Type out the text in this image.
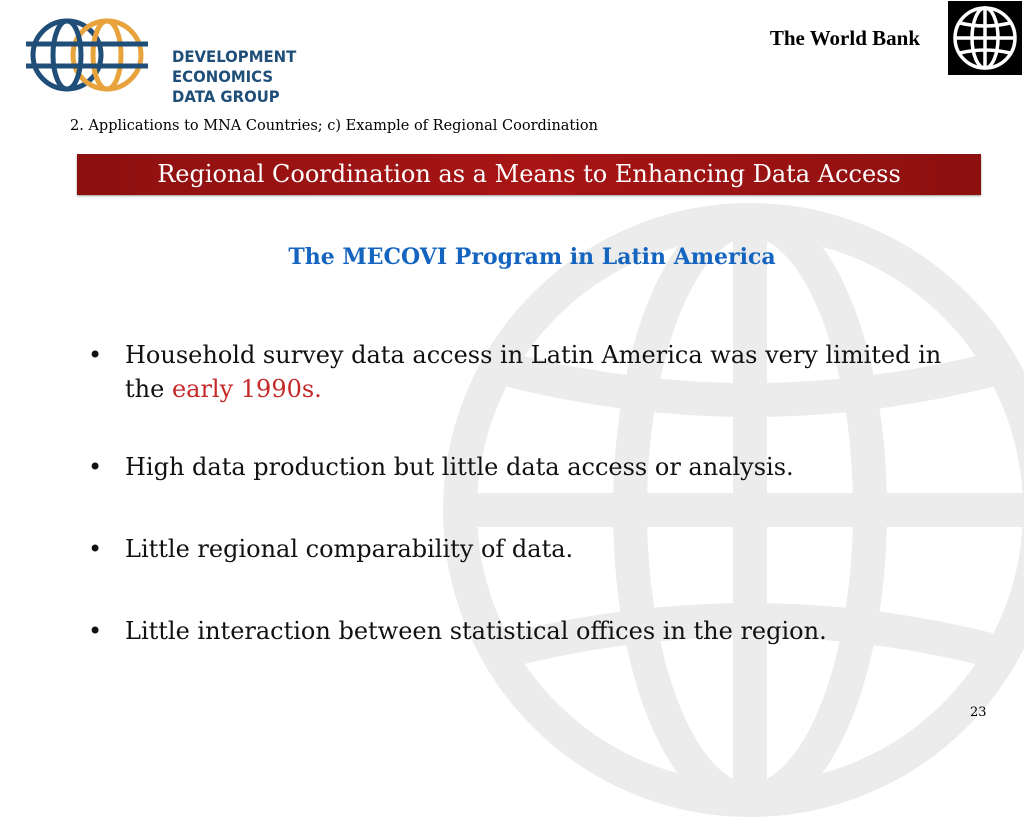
DEVELOPMENT ECONOMICS
DATA GROUP
The World Bank
2. Applications to MNA Countries; c) Example of Regional Coordination
Regional Coordination as a Means to Enhancing Data Access
The MECOVI Program in Latin America
• Household survey data access in Latin America was very limited in the early 1990s.
• High data production but little data access or analysis.
• Little regional comparability of data.
• Little interaction between statistical offices in the region.
23
